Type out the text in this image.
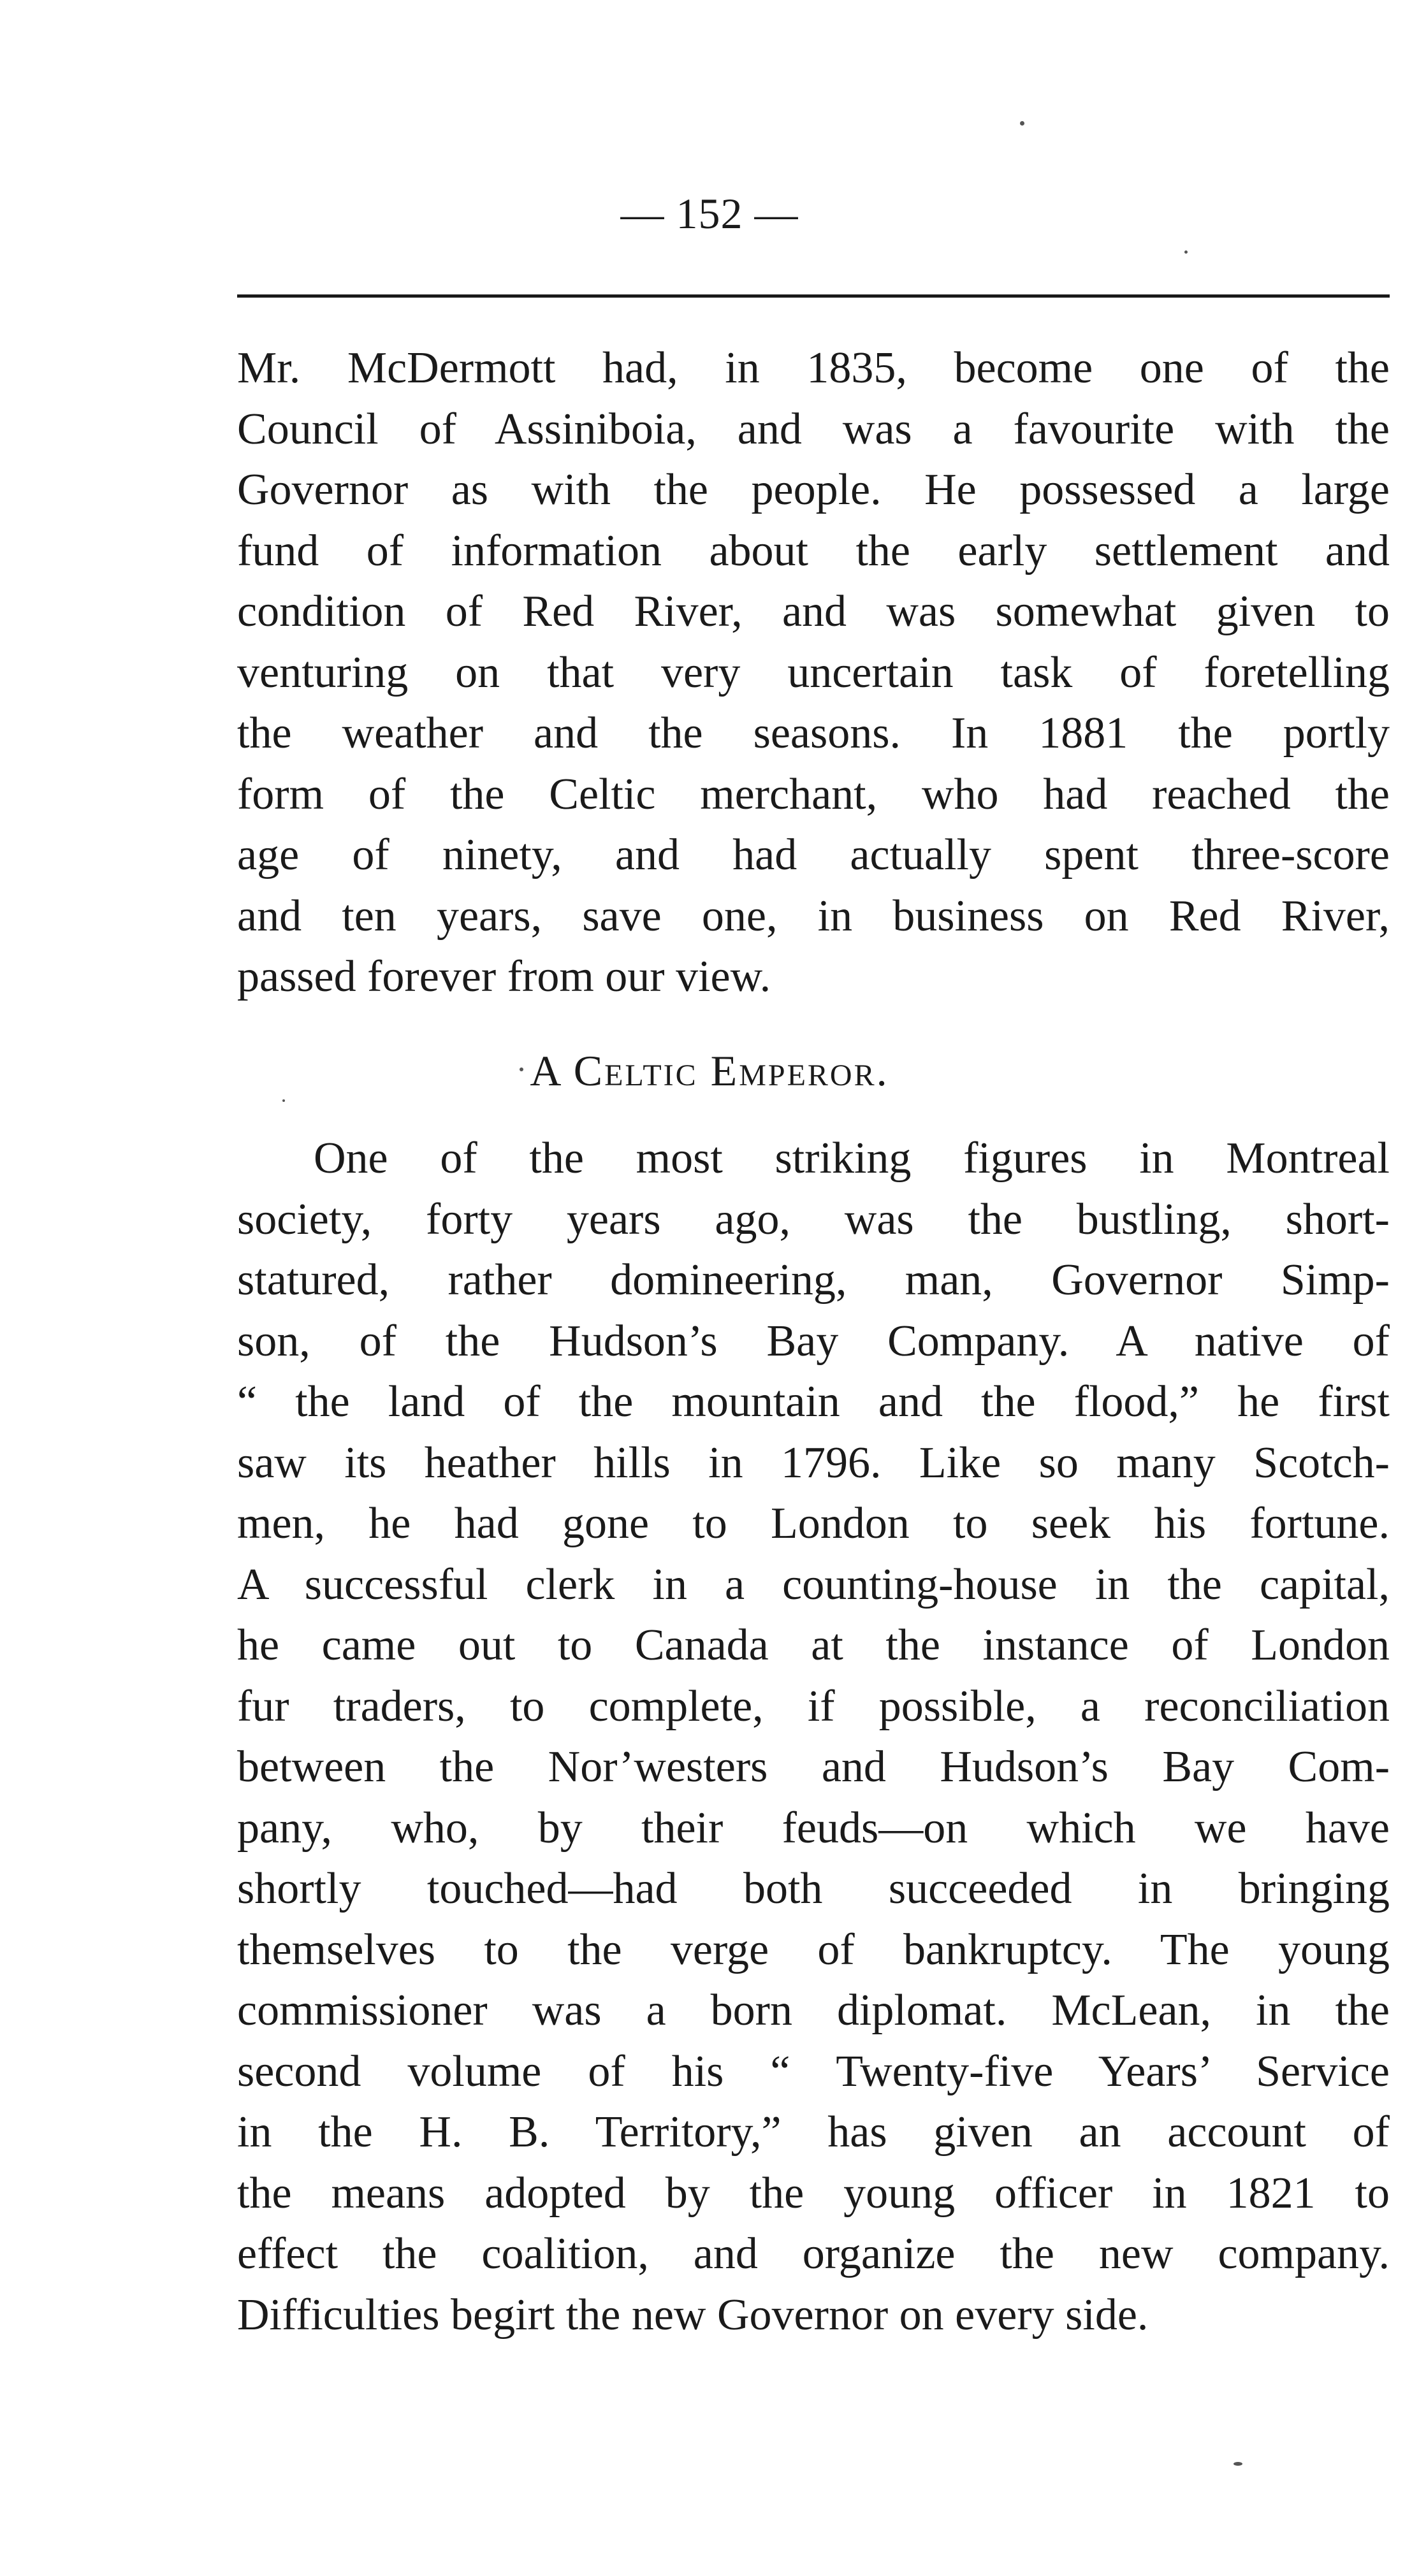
— 152 —

Mr. McDermott had, in 1835, become one of the
Council of Assiniboia, and was a favourite with the
Governor as with the people. He possessed a large
fund of information about the early settlement and
condition of Red River, and was somewhat given to
venturing on that very uncertain task of foretelling
the weather and the seasons. In 1881 the portly
form of the Celtic merchant, who had reached the
age of ninety, and had actually spent three-score
and ten years, save one, in business on Red River,
passed forever from our view.

A Celtic Emperor.

One of the most striking figures in Montreal
society, forty years ago, was the bustling, short-
statured, rather domineering, man, Governor Simp-
son, of the Hudson’s Bay Company. A native of
“ the land of the mountain and the flood,” he first
saw its heather hills in 1796. Like so many Scotch-
men, he had gone to London to seek his fortune.
A successful clerk in a counting-house in the capital,
he came out to Canada at the instance of London
fur traders, to complete, if possible, a reconciliation
between the Nor’westers and Hudson’s Bay Com-
pany, who, by their feuds—on which we have
shortly touched—had both succeeded in bringing
themselves to the verge of bankruptcy. The young
commissioner was a born diplomat. McLean, in the
second volume of his “ Twenty-five Years’ Service
in the H. B. Territory,” has given an account of
the means adopted by the young officer in 1821 to
effect the coalition, and organize the new company.
Difficulties begirt the new Governor on every side.
